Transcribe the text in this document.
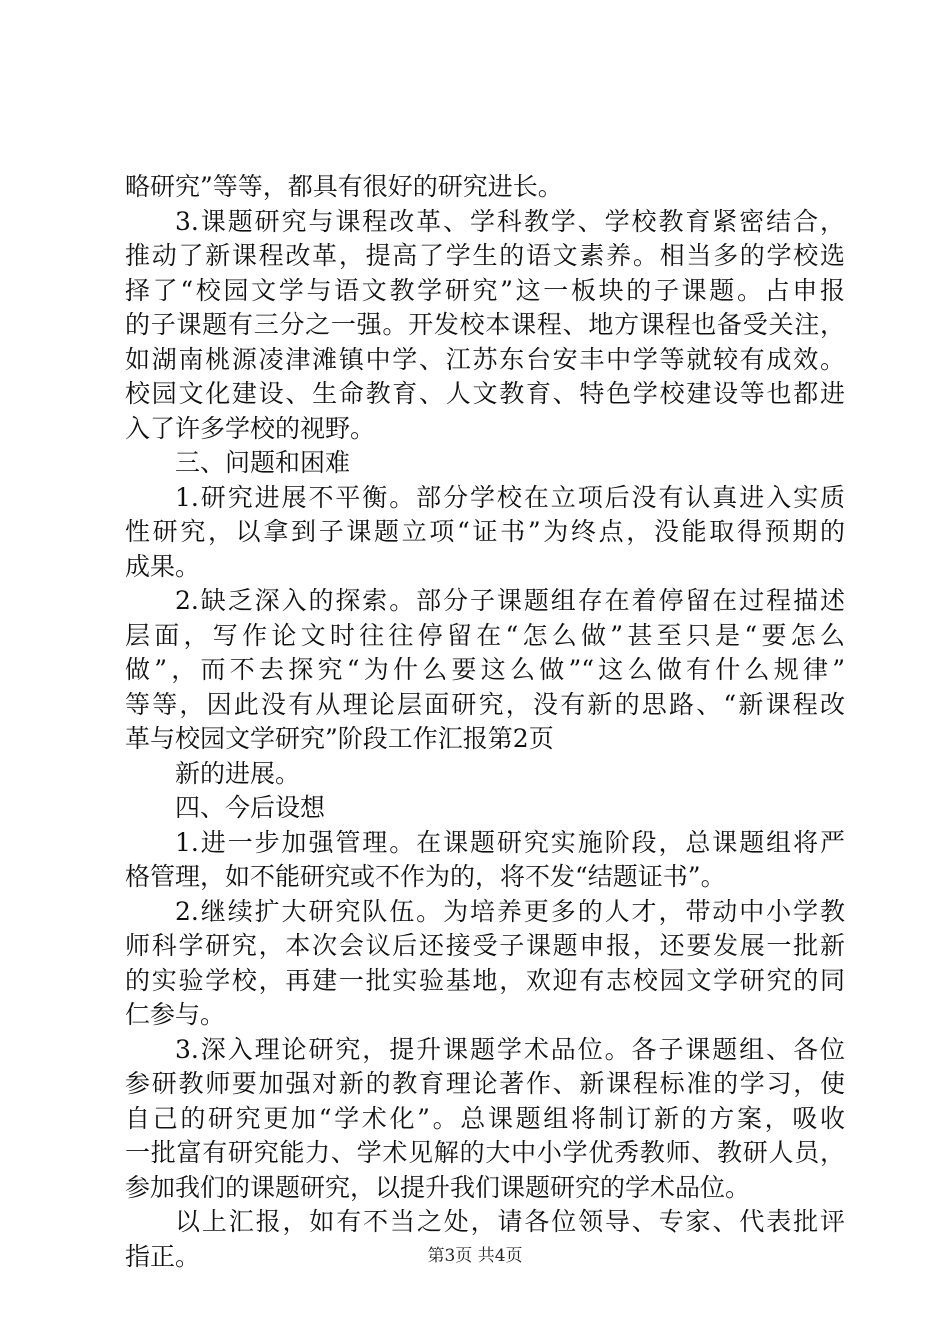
略研究”等等，都具有很好的研究进长。
3.课题研究与课程改革、学科教学、学校教育紧密结合，
推动了新课程改革，提高了学生的语文素养。相当多的学校选
择了“校园文学与语文教学研究”这一板块的子课题。占申报
的子课题有三分之一强。开发校本课程、地方课程也备受关注，
如湖南桃源凌津滩镇中学、江苏东台安丰中学等就较有成效。
校园文化建设、生命教育、人文教育、特色学校建设等也都进
入了许多学校的视野。
三、问题和困难
1.研究进展不平衡。部分学校在立项后没有认真进入实质
性研究，以拿到子课题立项“证书”为终点，没能取得预期的
成果。
2.缺乏深入的探索。部分子课题组存在着停留在过程描述
层面，写作论文时往往停留在“怎么做”甚至只是“要怎么
做”，而不去探究“为什么要这么做”“这么做有什么规律”
等等，因此没有从理论层面研究，没有新的思路、“新课程改
革与校园文学研究”阶段工作汇报第2页
新的进展。
四、今后设想
1.进一步加强管理。在课题研究实施阶段，总课题组将严
格管理，如不能研究或不作为的，将不发“结题证书”。
2.继续扩大研究队伍。为培养更多的人才，带动中小学教
师科学研究，本次会议后还接受子课题申报，还要发展一批新
的实验学校，再建一批实验基地，欢迎有志校园文学研究的同
仁参与。
3.深入理论研究，提升课题学术品位。各子课题组、各位
参研教师要加强对新的教育理论著作、新课程标准的学习，使
自己的研究更加“学术化”。总课题组将制订新的方案，吸收
一批富有研究能力、学术见解的大中小学优秀教师、教研人员，
参加我们的课题研究，以提升我们课题研究的学术品位。
以上汇报，如有不当之处，请各位领导、专家、代表批评
指正。	第3页 共4页
